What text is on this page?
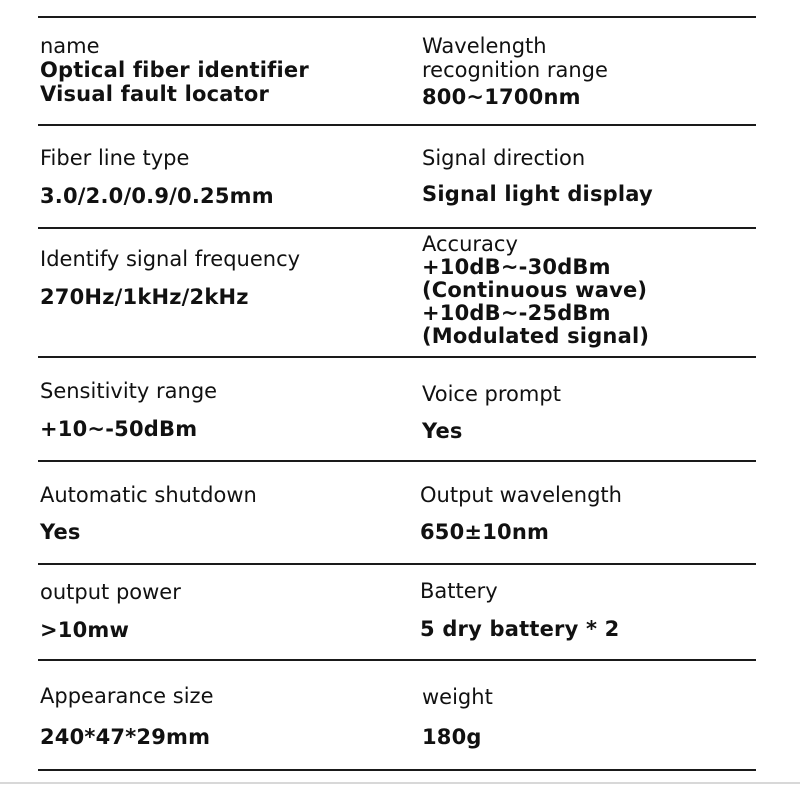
name
Optical fiber identifier
Visual fault locator
Wavelength
recognition range
800~1700nm
Fiber line type
3.0/2.0/0.9/0.25mm
Signal direction
Signal light display
Identify signal frequency
270Hz/1kHz/2kHz
Accuracy
+10dB~-30dBm
(Continuous wave)
+10dB~-25dBm
(Modulated signal)
Sensitivity range
+10~-50dBm
Voice prompt
Yes
Automatic shutdown
Yes
Output wavelength
650±10nm
output power
>10mw
Battery
5 dry battery * 2
Appearance size
240*47*29mm
weight
180g
